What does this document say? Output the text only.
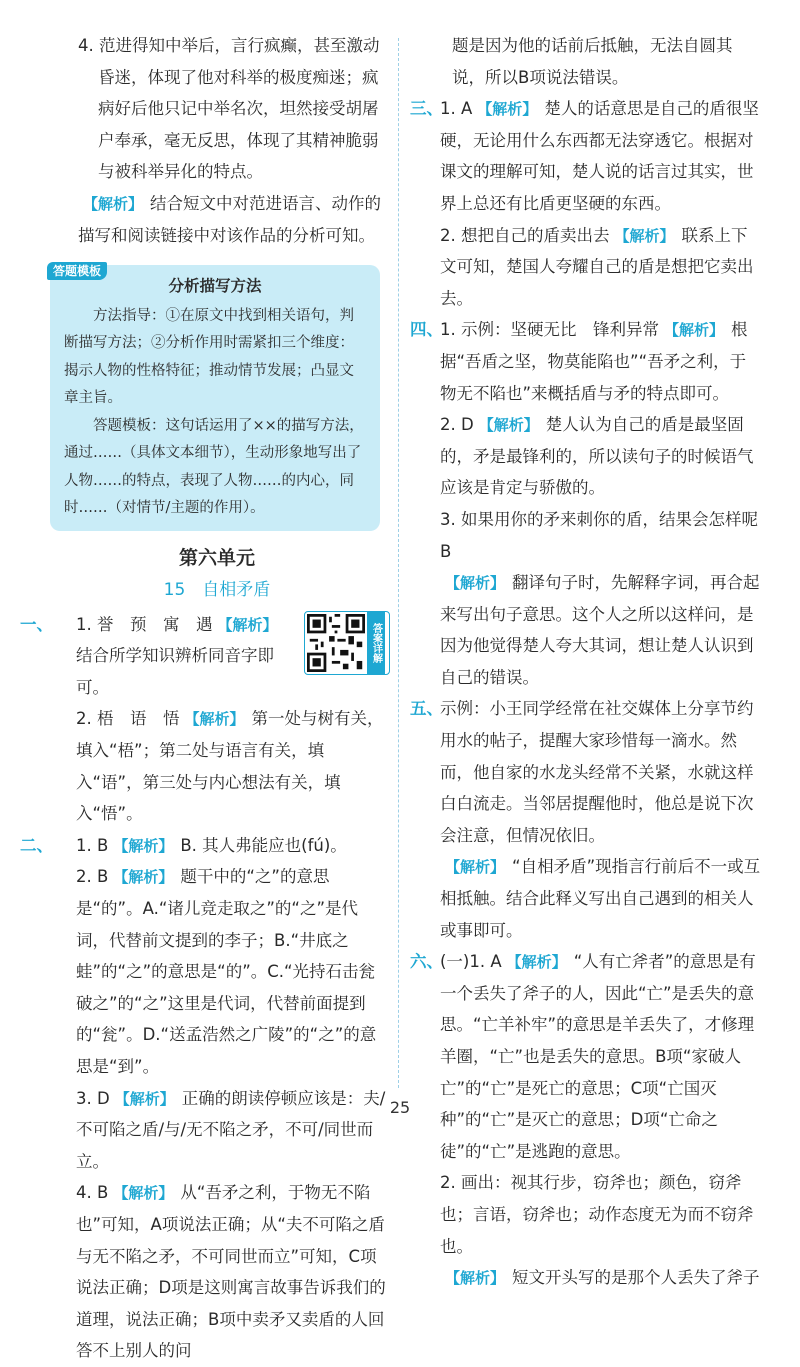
4. 范进得知中举后，言行疯癫，甚至激动昏迷，体现了他对科举的极度痴迷；疯病好后他只记中举名次，坦然接受胡屠户奉承，毫无反思，体现了其精神脆弱与被科举异化的特点。

【 解析 】 结合短文中对范进语言、动作的描写和阅读链接中对该作品的分析可知。

答题模板
分析描写方法

方法指导：①在原文中找到相关语句，判断描写方法；②分析作用时需紧扣三个维度：揭示人物的性格特征；推动情节发展；凸显文章主旨。

答题模板：这句话运用了××的描写方法，通过……（具体文本细节），生动形象地写出了人物……的特点，表现了人物……的内心，同时……（对情节/主题的作用）。

第六单元
15　自相矛盾
一、 1. 誉　预　寓　遇 【 解析 】结合所学知识辨析同音字即可。
答案详解

2. 梧　语　悟 【 解析 】 第一处与树有关，填入“梧”；第二处与语言有关，填入“语”，第三处与内心想法有关，填入“悟”。

二、 1. B 【 解析 】 B. 其人弗能应也(fú)。

2. B 【 解析 】 题干中的“之”的意思是“的”。A.“诸儿竞走取之”的“之”是代词，代替前文提到的李子；B.“井底之蛙”的“之”的意思是“的”。C.“光持石击瓮破之”的“之”这里是代词，代替前面提到的“瓮”。D.“送孟浩然之广陵”的“之”的意思是“到”。

3. D 【 解析 】 正确的朗读停顿应该是：夫/不可陷之盾/与/无不陷之矛，不可/同世而立。

4. B 【 解析 】 从“吾矛之利，于物无不陷也”可知，A项说法正确；从“夫不可陷之盾与无不陷之矛，不可同世而立”可知，C项说法正确；D项是这则寓言故事告诉我们的道理，说法正确；B项中卖矛又卖盾的人回答不上别人的问

题是因为他的话前后抵触，无法自圆其说，所以B项说法错误。

三、
1. A 【 解析 】 楚人的话意思是自己的盾很坚硬，无论用什么东西都无法穿透它。根据对课文的理解可知，楚人说的话言过其实，世界上总还有比盾更坚硬的东西。

2. 想把自己的盾卖出去 【 解析 】 联系上下文可知，楚国人夸耀自己的盾是想把它卖出去。

四、
1. 示例：坚硬无比　锋利异常 【 解析 】 根据“吾盾之坚，物莫能陷也”“吾矛之利，于物无不陷也”来概括盾与矛的特点即可。

2. D 【 解析 】 楚人认为自己的盾是最坚固的，矛是最锋利的，所以读句子的时候语气应该是肯定与骄傲的。

3. 如果用你的矛来刺你的盾，结果会怎样呢　B
【 解析 】 翻译句子时，先解释字词，再合起来写出句子意思。这个人之所以这样问，是因为他觉得楚人夸大其词，想让楚人认识到自己的错误。

五、
示例：小王同学经常在社交媒体上分享节约用水的帖子，提醒大家珍惜每一滴水。然而，他自家的水龙头经常不关紧，水就这样白白流走。当邻居提醒他时，他总是说下次会注意，但情况依旧。

【 解析 】 “自相矛盾”现指言行前后不一或互相抵触。结合此释义写出自己遇到的相关人或事即可。

六、
(一)1. A 【 解析 】 “人有亡斧者”的意思是有一个丢失了斧子的人，因此“亡”是丢失的意思。“亡羊补牢”的意思是羊丢失了，才修理羊圈，“亡”也是丢失的意思。B项“家破人亡”的“亡”是死亡的意思；C项“亡国灭种”的“亡”是灭亡的意思；D项“亡命之徒”的“亡”是逃跑的意思。

2. 画出：视其行步，窃斧也；颜色，窃斧也；言语，窃斧也；动作态度无为而不窃斧也。

【 解析 】 短文开头写的是那个人丢失了斧子

25
